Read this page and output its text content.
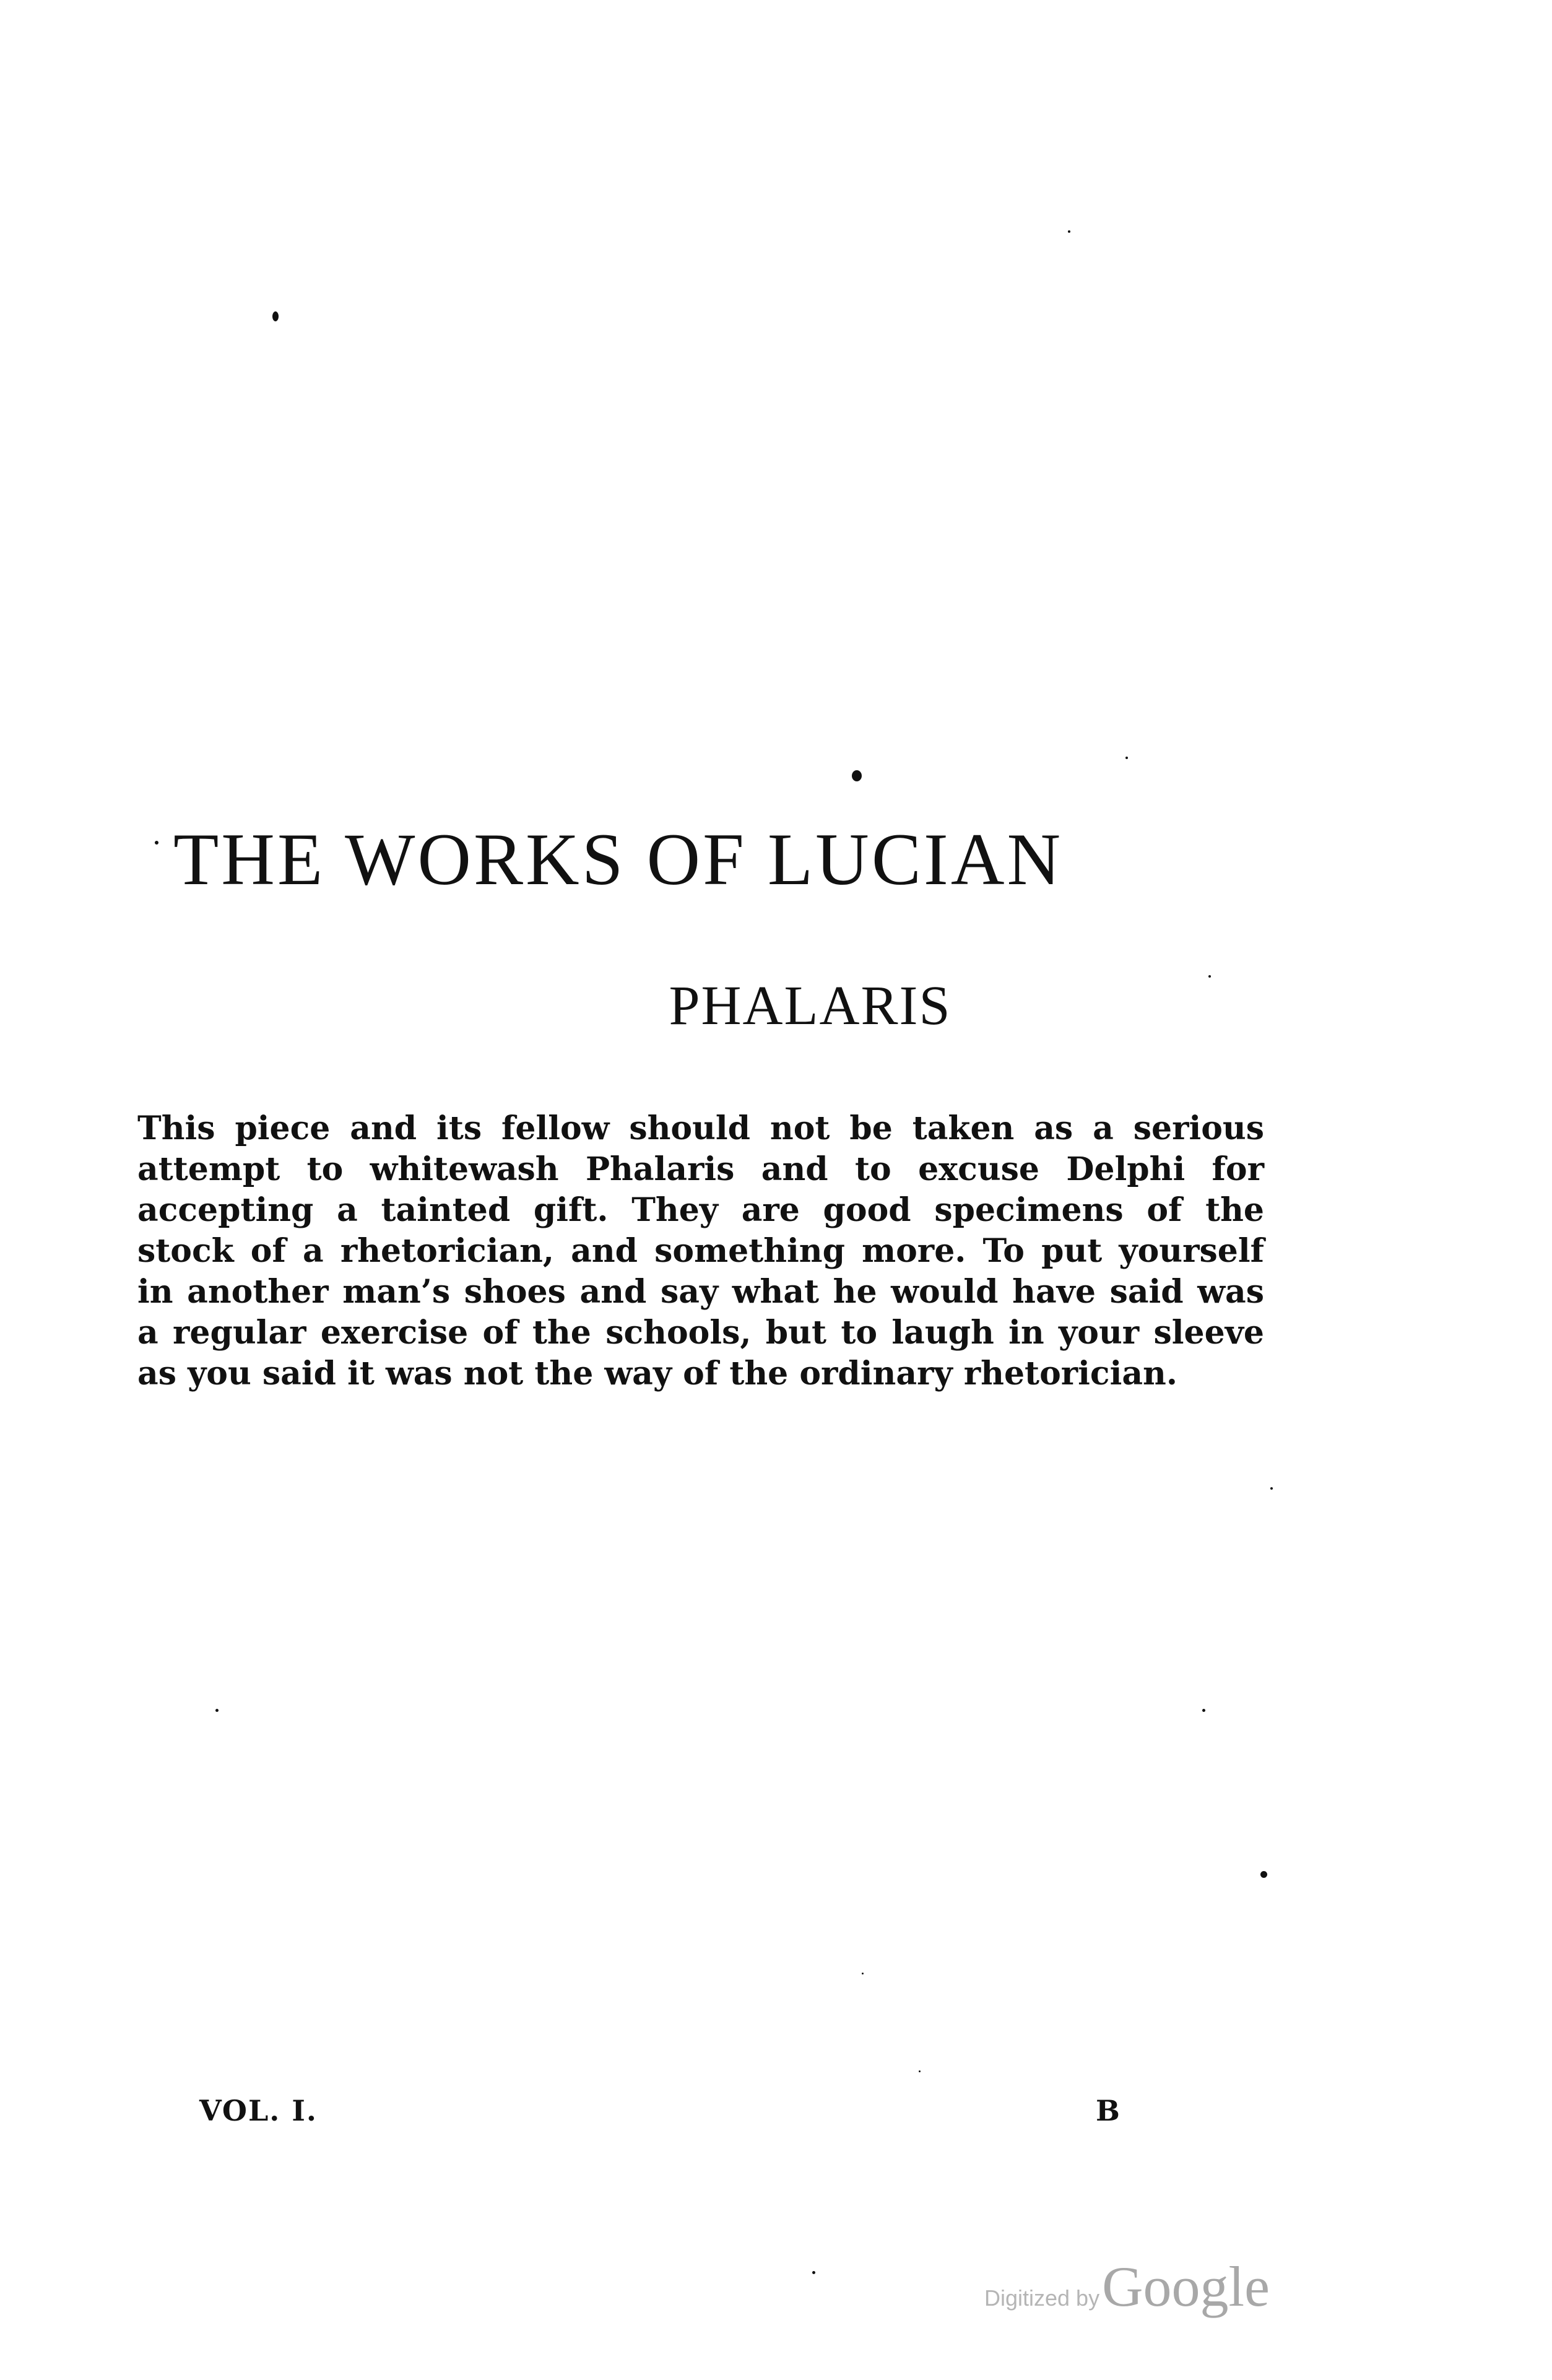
THE WORKS OF LUCIAN
PHALARIS
This piece and its fellow should not be taken as a serious
attempt to whitewash Phalaris and to excuse Delphi for
accepting a tainted gift. They are good specimens of the
stock of a rhetorician, and something more. To put yourself
in another man’s shoes and say what he would have said was
a regular exercise of the schools, but to laugh in your sleeve
as you said it was not the way of the ordinary rhetorician.
VOL. I.	B
Digitized by Google
